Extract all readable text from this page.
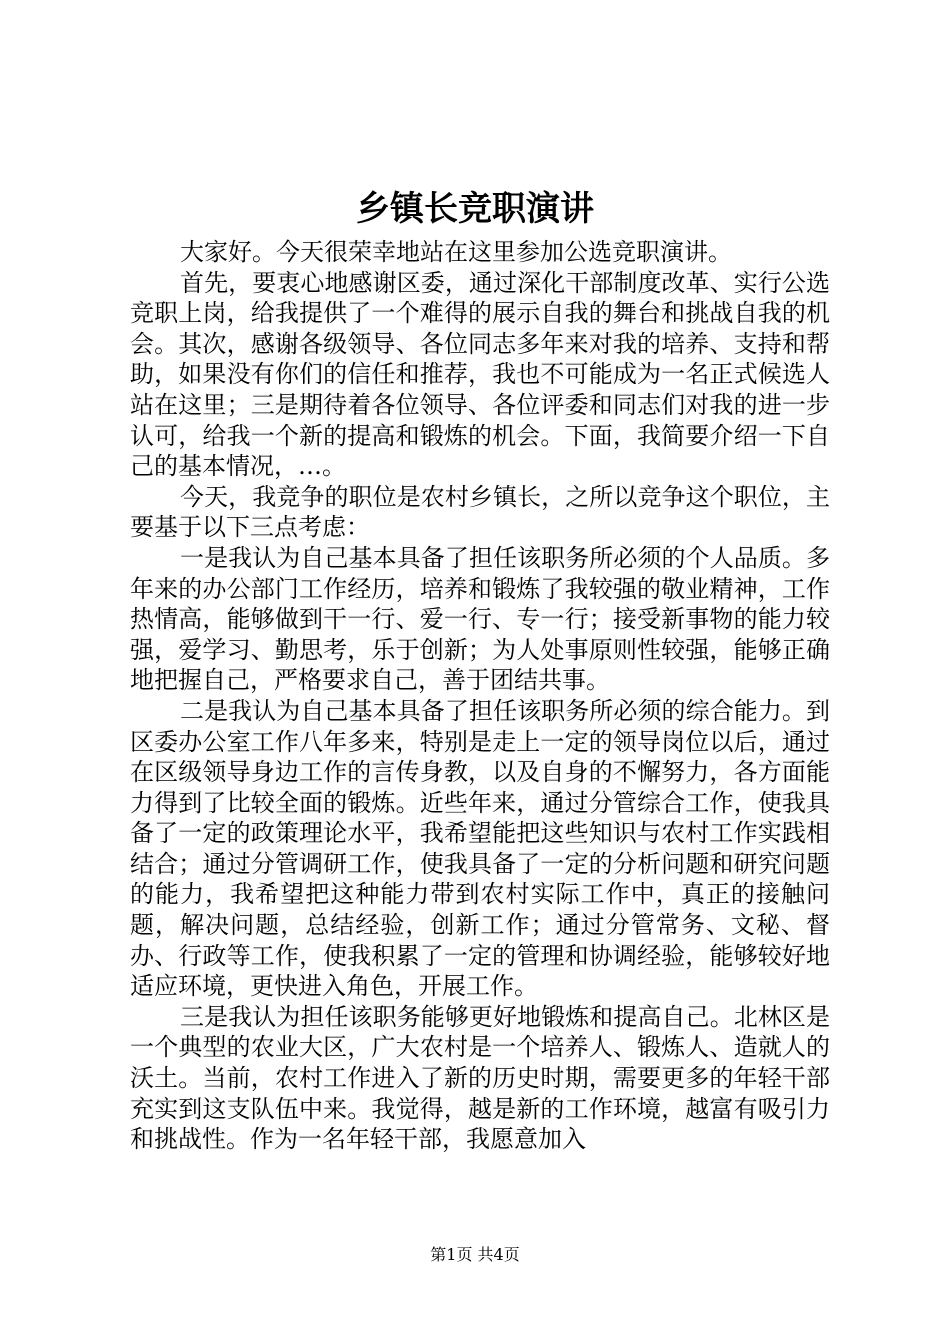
乡镇长竞职演讲

大家好。今天很荣幸地站在这里参加公选竞职演讲。

首先，要衷心地感谢区委，通过深化干部制度改革、实行公选竞职上岗，给我提供了一个难得的展示自我的舞台和挑战自我的机会。其次，感谢各级领导、各位同志多年来对我的培养、支持和帮助，如果没有你们的信任和推荐，我也不可能成为一名正式候选人站在这里；三是期待着各位领导、各位评委和同志们对我的进一步认可，给我一个新的提高和锻炼的机会。下面，我简要介绍一下自己的基本情况，…。

今天，我竞争的职位是农村乡镇长，之所以竞争这个职位，主要基于以下三点考虑：

一是我认为自己基本具备了担任该职务所必须的个人品质。多年来的办公部门工作经历，培养和锻炼了我较强的敬业精神，工作热情高，能够做到干一行、爱一行、专一行；接受新事物的能力较强，爱学习、勤思考，乐于创新；为人处事原则性较强，能够正确地把握自己，严格要求自己，善于团结共事。

二是我认为自己基本具备了担任该职务所必须的综合能力。到区委办公室工作八年多来，特别是走上一定的领导岗位以后，通过在区级领导身边工作的言传身教，以及自身的不懈努力，各方面能力得到了比较全面的锻炼。近些年来，通过分管综合工作，使我具备了一定的政策理论水平，我希望能把这些知识与农村工作实践相结合；通过分管调研工作，使我具备了一定的分析问题和研究问题的能力，我希望把这种能力带到农村实际工作中，真正的接触问题，解决问题，总结经验，创新工作；通过分管常务、文秘、督办、行政等工作，使我积累了一定的管理和协调经验，能够较好地适应环境，更快进入角色，开展工作。

三是我认为担任该职务能够更好地锻炼和提高自己。北林区是一个典型的农业大区，广大农村是一个培养人、锻炼人、造就人的沃土。当前，农村工作进入了新的历史时期，需要更多的年轻干部充实到这支队伍中来。我觉得，越是新的工作环境，越富有吸引力和挑战性。作为一名年轻干部，我愿意加入

第1页 共4页
